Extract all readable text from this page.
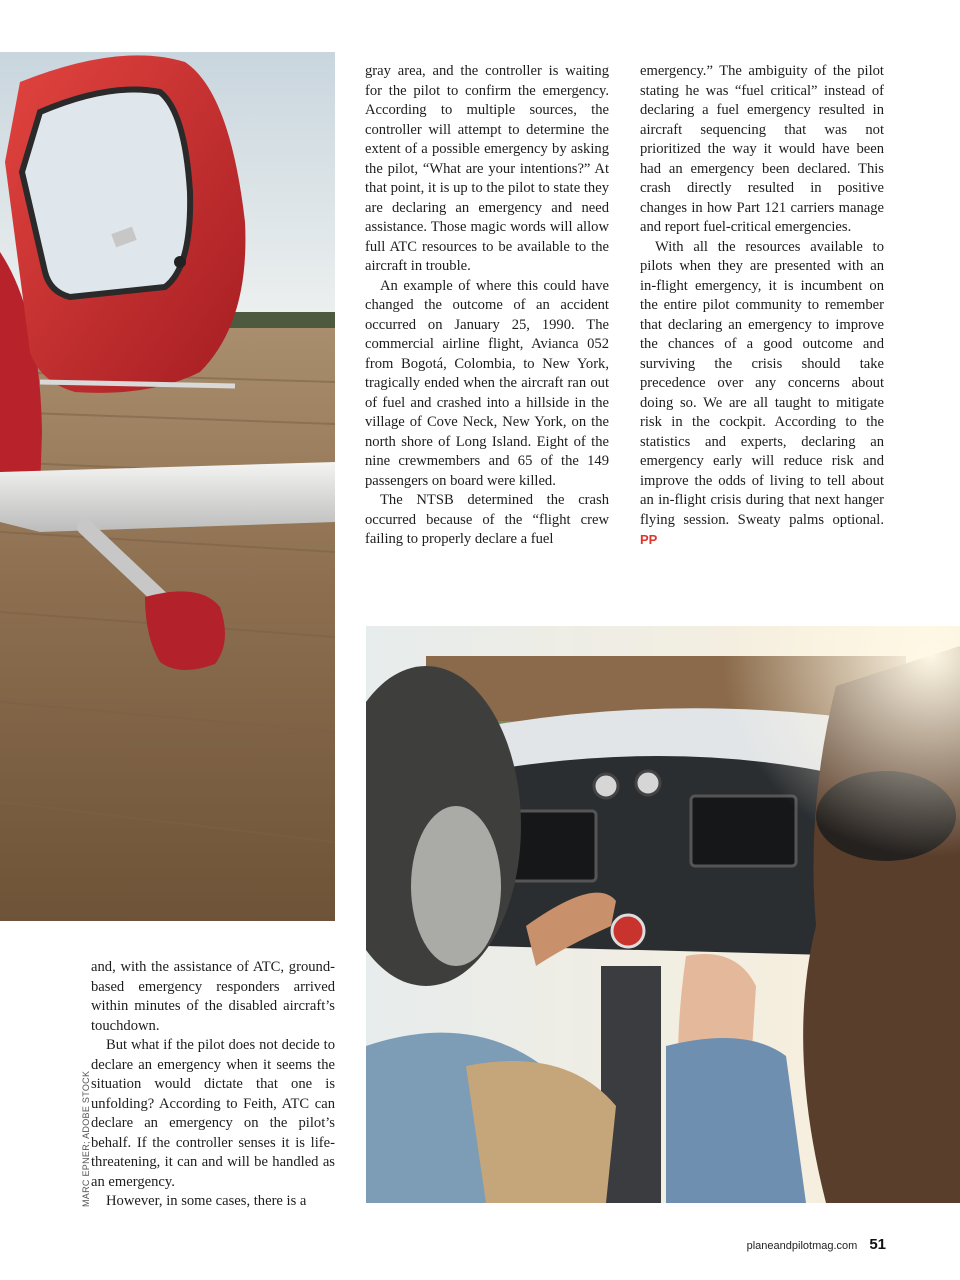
gray area, and the controller is waiting for the pilot to confirm the emergency. According to multiple sources, the controller will attempt to determine the extent of a possible emergency by asking the pilot, “What are your intentions?” At that point, it is up to the pilot to state they are declaring an emergency and need assistance. Those magic words will allow full ATC resources to be available to the aircraft in trouble.

An example of where this could have changed the outcome of an accident occurred on January 25, 1990. The commercial airline flight, Avianca 052 from Bogotá, Colombia, to New York, tragically ended when the aircraft ran out of fuel and crashed into a hillside in the village of Cove Neck, New York, on the north shore of Long Island. Eight of the nine crewmembers and 65 of the 149 passengers on board were killed.

The NTSB determined the crash occurred because of the “flight crew failing to properly declare a fuel

emergency.” The ambiguity of the pilot stating he was “fuel critical” instead of declaring a fuel emergency resulted in aircraft sequencing that was not prioritized the way it would have been had an emergency been declared. This crash directly resulted in positive changes in how Part 121 carriers manage and report fuel-critical emergencies.

With all the resources available to pilots when they are presented with an in-flight emergency, it is incumbent on the entire pilot community to remember that declaring an emergency to improve the chances of a good outcome and surviving the crisis should take precedence over any concerns about doing so. We are all taught to mitigate risk in the cockpit. According to the statistics and experts, declaring an emergency early will reduce risk and improve the odds of living to tell about an in-flight crisis during that next hanger flying session. Sweaty palms optional. PP

and, with the assistance of ATC, ground-based emergency responders arrived within minutes of the disabled aircraft’s touchdown.

But what if the pilot does not decide to declare an emergency when it seems the situation would dictate that one is unfolding? According to Feith, ATC can declare an emergency on the pilot’s behalf. If the controller senses it is life-threatening, it can and will be handled as an emergency.

However, in some cases, there is a

MARC EPNER; ADOBE STOCK
planeandpilotmag.com 51
